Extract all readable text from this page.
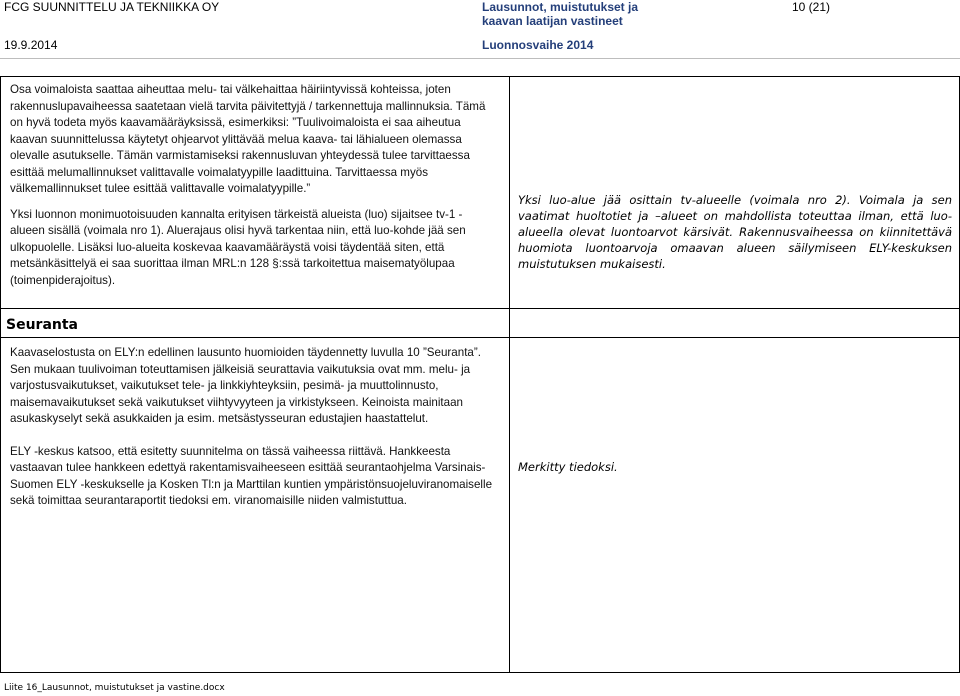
FCG SUUNNITTELU JA TEKNIIKKA OY
19.9.2014
Lausunnot, muistutukset ja
kaavan laatijan vastineet
Luonnosvaihe 2014
10 (21)

Osa voimaloista saattaa aiheuttaa melu- tai välkehaittaa häiriintyvissä kohteissa, joten rakennuslupavaiheessa saatetaan vielä tarvita päivitettyjä / tarkennettuja mallinnuksia. Tämä on hyvä todeta myös kaavamääräyksissä, esimerkiksi: ”Tuulivoimaloista ei saa aiheutua kaavan suunnittelussa käytetyt ohjearvot ylittävää melua kaava- tai lähialueen olemassa olevalle asutukselle. Tämän varmistamiseksi rakennusluvan yhteydessä tulee tarvittaessa esittää melumallinnukset valittavalle voimalatyypille laadittuina. Tarvittaessa myös välkemallinnukset tulee esittää valittavalle voimalatyypille.”

Yksi luonnon monimuotoisuuden kannalta erityisen tärkeistä alueista (luo) sijaitsee tv-1 -alueen sisällä (voimala nro 1). Aluerajaus olisi hyvä tarkentaa niin, että luo-kohde jää sen ulkopuolelle. Lisäksi luo-alueita koskevaa kaavamääräystä voisi täydentää siten, että metsänkäsittelyä ei saa suorittaa ilman MRL:n 128 §:ssä tarkoitettua maisematyölupaa (toimenpiderajoitus).

Yksi luo-alue jää osittain tv-alueelle (voimala nro 2). Voimala ja sen vaatimat huoltotiet ja –alueet on mahdollista toteuttaa ilman, että luo-alueella olevat luontoarvot kärsivät. Rakennusvaiheessa on kiinnitettävä huomiota luontoarvoja omaavan alueen säilymiseen ELY-keskuksen muistutuksen mukaisesti.
Seuranta

Kaavaselostusta on ELY:n edellinen lausunto huomioiden täydennetty luvulla 10 ”Seuranta”. Sen mukaan tuulivoiman toteuttamisen jälkeisiä seurattavia vaikutuksia ovat mm. melu- ja varjostusvaikutukset, vaikutukset tele- ja linkkiyhteyksiin, pesimä- ja muuttolinnusto, maisemavaikutukset sekä vaikutukset viihtyvyyteen ja virkistykseen. Keinoista mainitaan asukaskyselyt sekä asukkaiden ja esim. metsästysseuran edustajien haastattelut.

ELY -keskus katsoo, että esitetty suunnitelma on tässä vaiheessa riittävä. Hankkeesta vastaavan tulee hankkeen edettyä rakentamisvaiheeseen esittää seurantaohjelma Varsinais-Suomen ELY -keskukselle ja Kosken Tl:n ja Marttilan kuntien ympäristönsuojeluviranomaiselle sekä toimittaa seurantaraportit tiedoksi em. viranomaisille niiden valmistuttua.

Merkitty tiedoksi.
Liite 16_Lausunnot, muistutukset ja vastine.docx
